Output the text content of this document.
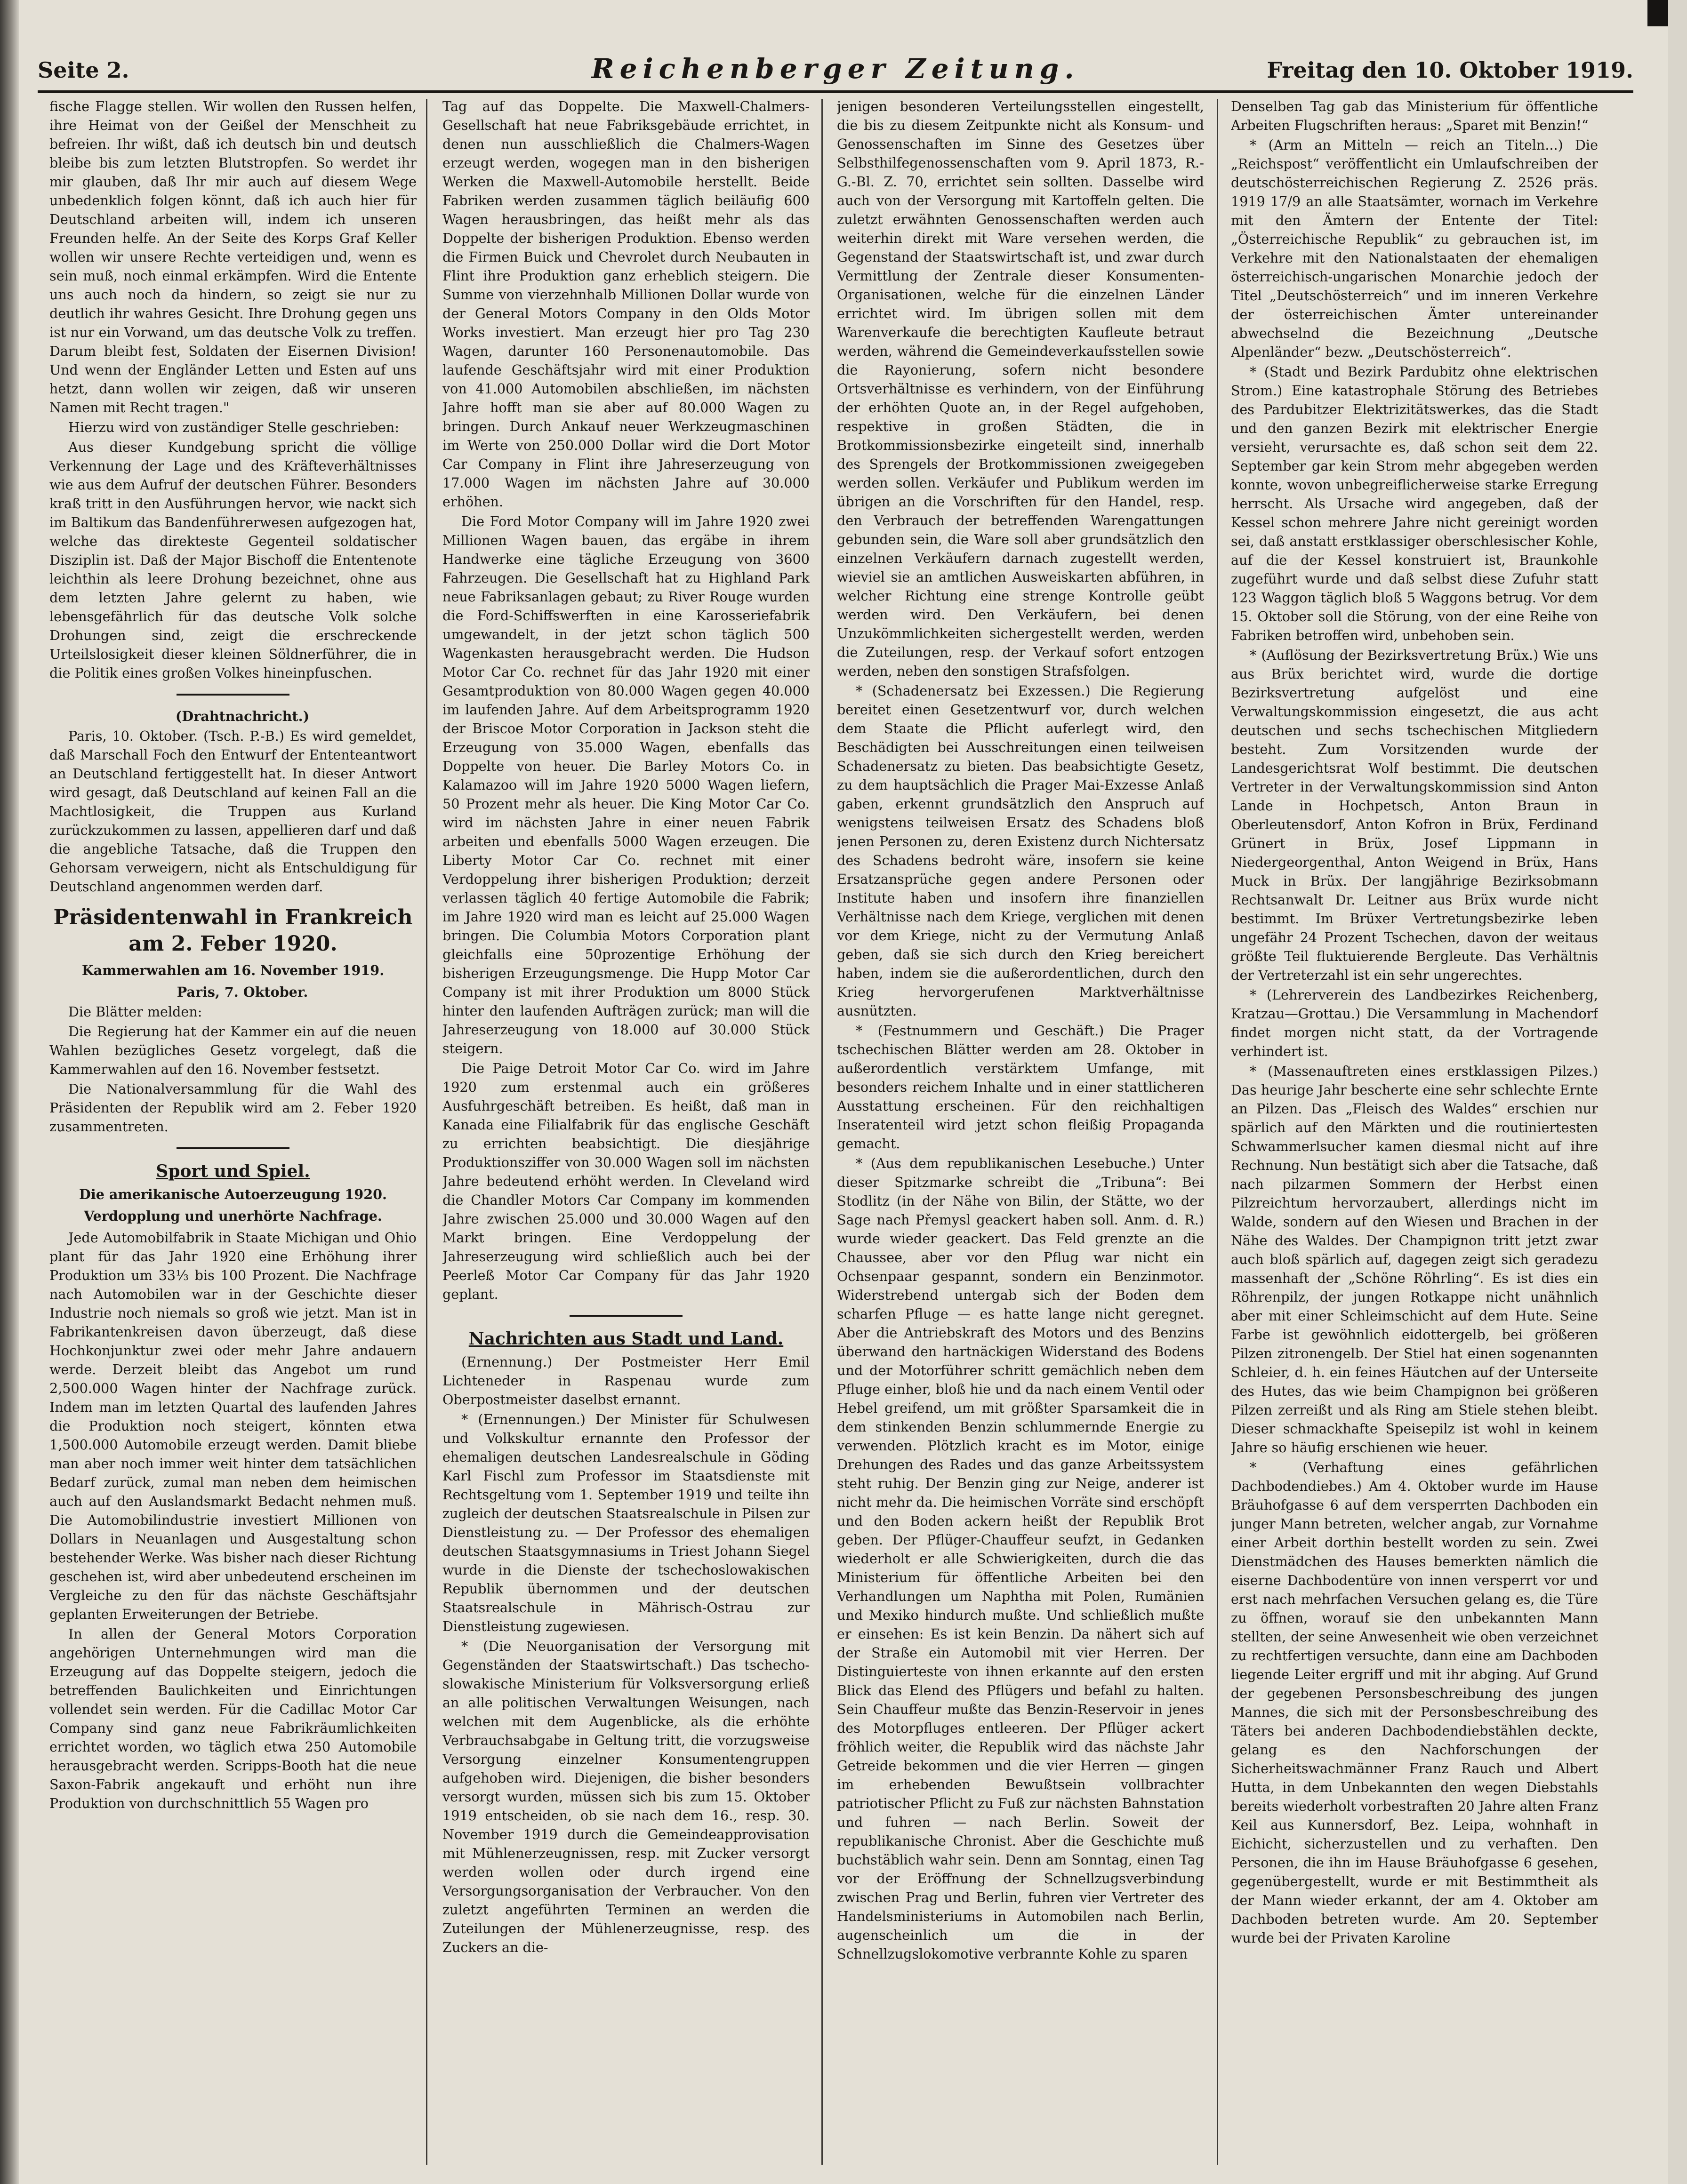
Seite 2.	Reichenberger Zeitung.	Freitag den 10. Oktober 1919.

fische Flagge stellen. Wir wollen den Russen helfen, ihre Heimat von der Geißel der Menschheit zu befreien. Ihr wißt, daß ich deutsch bin und deutsch bleibe bis zum letzten Blutstropfen. So werdet ihr mir glauben, daß Ihr mir auch auf diesem Wege unbedenklich folgen könnt, daß ich auch hier für Deutschland arbeiten will, indem ich unseren Freunden helfe. An der Seite des Korps Graf Keller wollen wir unsere Rechte verteidigen und, wenn es sein muß, noch einmal erkämpfen. Wird die Entente uns auch noch da hindern, so zeigt sie nur zu deutlich ihr wahres Gesicht. Ihre Drohung gegen uns ist nur ein Vorwand, um das deutsche Volk zu treffen. Darum bleibt fest, Soldaten der Eisernen Division! Und wenn der Engländer Letten und Esten auf uns hetzt, dann wollen wir zeigen, daß wir unseren Namen mit Recht tragen."

Hierzu wird von zuständiger Stelle geschrieben:

Aus dieser Kundgebung spricht die völlige Verkennung der Lage und des Kräfteverhältnisses wie aus dem Aufruf der deutschen Führer. Besonders kraß tritt in den Ausführungen hervor, wie nackt sich im Baltikum das Bandenführerwesen aufgezogen hat, welche das direkteste Gegenteil soldatischer Disziplin ist. Daß der Major Bischoff die Ententenote leichthin als leere Drohung bezeichnet, ohne aus dem letzten Jahre gelernt zu haben, wie lebensgefährlich für das deutsche Volk solche Drohungen sind, zeigt die erschreckende Urteilslosigkeit dieser kleinen Söldnerführer, die in die Politik eines großen Volkes hineinpfuschen.

(Drahtnachricht.)

Paris, 10. Oktober. (Tsch. P.-B.) Es wird gemeldet, daß Marschall Foch den Entwurf der Ententeantwort an Deutschland fertiggestellt hat. In dieser Antwort wird gesagt, daß Deutschland auf keinen Fall an die Machtlosigkeit, die Truppen aus Kurland zurückzukommen zu lassen, appellieren darf und daß die angebliche Tatsache, daß die Truppen den Gehorsam verweigern, nicht als Entschuldigung für Deutschland angenommen werden darf.

Präsidentenwahl in Frankreich am 2. Feber 1920.
Kammerwahlen am 16. November 1919.

Paris, 7. Oktober.

Die Blätter melden:

Die Regierung hat der Kammer ein auf die neuen Wahlen bezügliches Gesetz vorgelegt, daß die Kammerwahlen auf den 16. November festsetzt.

Die Nationalversammlung für die Wahl des Präsidenten der Republik wird am 2. Feber 1920 zusammentreten.

Sport und Spiel.
Die amerikanische Autoerzeugung 1920.
Verdopplung und unerhörte Nachfrage.

Jede Automobilfabrik in Staate Michigan und Ohio plant für das Jahr 1920 eine Erhöhung ihrer Produktion um 33⅓ bis 100 Prozent. Die Nachfrage nach Automobilen war in der Geschichte dieser Industrie noch niemals so groß wie jetzt. Man ist in Fabrikantenkreisen davon überzeugt, daß diese Hochkonjunktur zwei oder mehr Jahre andauern werde. Derzeit bleibt das Angebot um rund 2,500.000 Wagen hinter der Nachfrage zurück. Indem man im letzten Quartal des laufenden Jahres die Produktion noch steigert, könnten etwa 1,500.000 Automobile erzeugt werden. Damit bliebe man aber noch immer weit hinter dem tatsächlichen Bedarf zurück, zumal man neben dem heimischen auch auf den Auslandsmarkt Bedacht nehmen muß. Die Automobilindustrie investiert Millionen von Dollars in Neuanlagen und Ausgestaltung schon bestehender Werke. Was bisher nach dieser Richtung geschehen ist, wird aber unbedeutend erscheinen im Vergleiche zu den für das nächste Geschäftsjahr geplanten Erweiterungen der Betriebe.

In allen der General Motors Corporation angehörigen Unternehmungen wird man die Erzeugung auf das Doppelte steigern, jedoch die betreffenden Baulichkeiten und Einrichtungen vollendet sein werden. Für die Cadillac Motor Car Company sind ganz neue Fabrikräumlichkeiten errichtet worden, wo täglich etwa 250 Automobile herausgebracht werden. Scripps-Booth hat die neue Saxon-Fabrik angekauft und erhöht nun ihre Produktion von durchschnittlich 55 Wagen pro

Tag auf das Doppelte. Die Maxwell-Chalmers-Gesellschaft hat neue Fabriksgebäude errichtet, in denen nun ausschließlich die Chalmers-Wagen erzeugt werden, wogegen man in den bisherigen Werken die Maxwell-Automobile herstellt. Beide Fabriken werden zusammen täglich beiläufig 600 Wagen herausbringen, das heißt mehr als das Doppelte der bisherigen Produktion. Ebenso werden die Firmen Buick und Chevrolet durch Neubauten in Flint ihre Produktion ganz erheblich steigern. Die Summe von vierzehnhalb Millionen Dollar wurde von der General Motors Company in den Olds Motor Works investiert. Man erzeugt hier pro Tag 230 Wagen, darunter 160 Personenautomobile. Das laufende Geschäftsjahr wird mit einer Produktion von 41.000 Automobilen abschließen, im nächsten Jahre hofft man sie aber auf 80.000 Wagen zu bringen. Durch Ankauf neuer Werkzeugmaschinen im Werte von 250.000 Dollar wird die Dort Motor Car Company in Flint ihre Jahreserzeugung von 17.000 Wagen im nächsten Jahre auf 30.000 erhöhen.

Die Ford Motor Company will im Jahre 1920 zwei Millionen Wagen bauen, das ergäbe in ihrem Handwerke eine tägliche Erzeugung von 3600 Fahrzeugen. Die Gesellschaft hat zu Highland Park neue Fabriksanlagen gebaut; zu River Rouge wurden die Ford-Schiffswerften in eine Karosseriefabrik umgewandelt, in der jetzt schon täglich 500 Wagenkasten herausgebracht werden. Die Hudson Motor Car Co. rechnet für das Jahr 1920 mit einer Gesamtproduktion von 80.000 Wagen gegen 40.000 im laufenden Jahre. Auf dem Arbeitsprogramm 1920 der Briscoe Motor Corporation in Jackson steht die Erzeugung von 35.000 Wagen, ebenfalls das Doppelte von heuer. Die Barley Motors Co. in Kalamazoo will im Jahre 1920 5000 Wagen liefern, 50 Prozent mehr als heuer. Die King Motor Car Co. wird im nächsten Jahre in einer neuen Fabrik arbeiten und ebenfalls 5000 Wagen erzeugen. Die Liberty Motor Car Co. rechnet mit einer Verdoppelung ihrer bisherigen Produktion; derzeit verlassen täglich 40 fertige Automobile die Fabrik; im Jahre 1920 wird man es leicht auf 25.000 Wagen bringen. Die Columbia Motors Corporation plant gleichfalls eine 50prozentige Erhöhung der bisherigen Erzeugungsmenge. Die Hupp Motor Car Company ist mit ihrer Produktion um 8000 Stück hinter den laufenden Aufträgen zurück; man will die Jahreserzeugung von 18.000 auf 30.000 Stück steigern.

Die Paige Detroit Motor Car Co. wird im Jahre 1920 zum erstenmal auch ein größeres Ausfuhrgeschäft betreiben. Es heißt, daß man in Kanada eine Filialfabrik für das englische Geschäft zu errichten beabsichtigt. Die diesjährige Produktionsziffer von 30.000 Wagen soll im nächsten Jahre bedeutend erhöht werden. In Cleveland wird die Chandler Motors Car Company im kommenden Jahre zwischen 25.000 und 30.000 Wagen auf den Markt bringen. Eine Verdoppelung der Jahreserzeugung wird schließlich auch bei der Peerleß Motor Car Company für das Jahr 1920 geplant.

Nachrichten aus Stadt und Land.

(Ernennung.) Der Postmeister Herr Emil Lichteneder in Raspenau wurde zum Oberpostmeister daselbst ernannt.

* (Ernennungen.) Der Minister für Schulwesen und Volkskultur ernannte den Professor der ehemaligen deutschen Landesrealschule in Göding Karl Fischl zum Professor im Staatsdienste mit Rechtsgeltung vom 1. September 1919 und teilte ihn zugleich der deutschen Staatsrealschule in Pilsen zur Dienstleistung zu. — Der Professor des ehemaligen deutschen Staatsgymnasiums in Triest Johann Siegel wurde in die Dienste der tschechoslowakischen Republik übernommen und der deutschen Staatsrealschule in Mährisch-Ostrau zur Dienstleistung zugewiesen.

* (Die Neuorganisation der Versorgung mit Gegenständen der Staatswirtschaft.) Das tschecho-slowakische Ministerium für Volksversorgung erließ an alle politischen Verwaltungen Weisungen, nach welchen mit dem Augenblicke, als die erhöhte Verbrauchsabgabe in Geltung tritt, die vorzugsweise Versorgung einzelner Konsumentengruppen aufgehoben wird. Diejenigen, die bisher besonders versorgt wurden, müssen sich bis zum 15. Oktober 1919 entscheiden, ob sie nach dem 16., resp. 30. November 1919 durch die Gemeindeapprovisation mit Mühlenerzeugnissen, resp. mit Zucker versorgt werden wollen oder durch irgend eine Versorgungsorganisation der Verbraucher. Von den zuletzt angeführten Terminen an werden die Zuteilungen der Mühlenerzeugnisse, resp. des Zuckers an die-

jenigen besonderen Verteilungsstellen eingestellt, die bis zu diesem Zeitpunkte nicht als Konsum- und Genossenschaften im Sinne des Gesetzes über Selbsthilfegenossenschaften vom 9. April 1873, R.-G.-Bl. Z. 70, errichtet sein sollten. Dasselbe wird auch von der Versorgung mit Kartoffeln gelten. Die zuletzt erwähnten Genossenschaften werden auch weiterhin direkt mit Ware versehen werden, die Gegenstand der Staatswirtschaft ist, und zwar durch Vermittlung der Zentrale dieser Konsumenten-Organisationen, welche für die einzelnen Länder errichtet wird. Im übrigen sollen mit dem Warenverkaufe die berechtigten Kaufleute betraut werden, während die Gemeindeverkaufsstellen sowie die Rayonierung, sofern nicht besondere Ortsverhältnisse es verhindern, von der Einführung der erhöhten Quote an, in der Regel aufgehoben, respektive in großen Städten, die in Brotkommissionsbezirke eingeteilt sind, innerhalb des Sprengels der Brotkommissionen zweigegeben werden sollen. Verkäufer und Publikum werden im übrigen an die Vorschriften für den Handel, resp. den Verbrauch der betreffenden Warengattungen gebunden sein, die Ware soll aber grundsätzlich den einzelnen Verkäufern darnach zugestellt werden, wieviel sie an amtlichen Ausweiskarten abführen, in welcher Richtung eine strenge Kontrolle geübt werden wird. Den Verkäufern, bei denen Unzukömmlichkeiten sichergestellt werden, werden die Zuteilungen, resp. der Verkauf sofort entzogen werden, neben den sonstigen Strafsfolgen.

* (Schadenersatz bei Exzessen.) Die Regierung bereitet einen Gesetzentwurf vor, durch welchen dem Staate die Pflicht auferlegt wird, den Beschädigten bei Ausschreitungen einen teilweisen Schadenersatz zu bieten. Das beabsichtigte Gesetz, zu dem hauptsächlich die Prager Mai-Exzesse Anlaß gaben, erkennt grundsätzlich den Anspruch auf wenigstens teilweisen Ersatz des Schadens bloß jenen Personen zu, deren Existenz durch Nichtersatz des Schadens bedroht wäre, insofern sie keine Ersatzansprüche gegen andere Personen oder Institute haben und insofern ihre finanziellen Verhältnisse nach dem Kriege, verglichen mit denen vor dem Kriege, nicht zu der Vermutung Anlaß geben, daß sie sich durch den Krieg bereichert haben, indem sie die außerordentlichen, durch den Krieg hervorgerufenen Marktverhältnisse ausnützten.

* (Festnummern und Geschäft.) Die Prager tschechischen Blätter werden am 28. Oktober in außerordentlich verstärktem Umfange, mit besonders reichem Inhalte und in einer stattlicheren Ausstattung erscheinen. Für den reichhaltigen Inseratenteil wird jetzt schon fleißig Propaganda gemacht.

* (Aus dem republikanischen Lesebuche.) Unter dieser Spitzmarke schreibt die „Tribuna“: Bei Stodlitz (in der Nähe von Bilin, der Stätte, wo der Sage nach Přemysl geackert haben soll. Anm. d. R.) wurde wieder geackert. Das Feld grenzte an die Chaussee, aber vor den Pflug war nicht ein Ochsenpaar gespannt, sondern ein Benzinmotor. Widerstrebend untergab sich der Boden dem scharfen Pfluge — es hatte lange nicht geregnet. Aber die Antriebskraft des Motors und des Benzins überwand den hartnäckigen Widerstand des Bodens und der Motorführer schritt gemächlich neben dem Pfluge einher, bloß hie und da nach einem Ventil oder Hebel greifend, um mit größter Sparsamkeit die in dem stinkenden Benzin schlummernde Energie zu verwenden. Plötzlich kracht es im Motor, einige Drehungen des Rades und das ganze Arbeitssystem steht ruhig. Der Benzin ging zur Neige, anderer ist nicht mehr da. Die heimischen Vorräte sind erschöpft und den Boden ackern heißt der Republik Brot geben. Der Pflüger-Chauffeur seufzt, in Gedanken wiederholt er alle Schwierigkeiten, durch die das Ministerium für öffentliche Arbeiten bei den Verhandlungen um Naphtha mit Polen, Rumänien und Mexiko hindurch mußte. Und schließlich mußte er einsehen: Es ist kein Benzin. Da nähert sich auf der Straße ein Automobil mit vier Herren. Der Distinguierteste von ihnen erkannte auf den ersten Blick das Elend des Pflügers und befahl zu halten. Sein Chauffeur mußte das Benzin-Reservoir in jenes des Motorpfluges entleeren. Der Pflüger ackert fröhlich weiter, die Republik wird das nächste Jahr Getreide bekommen und die vier Herren — gingen im erhebenden Bewußtsein vollbrachter patriotischer Pflicht zu Fuß zur nächsten Bahnstation und fuhren — nach Berlin. Soweit der republikanische Chronist. Aber die Geschichte muß buchstäblich wahr sein. Denn am Sonntag, einen Tag vor der Eröffnung der Schnellzugsverbindung zwischen Prag und Berlin, fuhren vier Vertreter des Handelsministeriums in Automobilen nach Berlin, augenscheinlich um die in der Schnellzugslokomotive verbrannte Kohle zu sparen

Denselben Tag gab das Ministerium für öffentliche Arbeiten Flugschriften heraus: „Sparet mit Benzin!“

* (Arm an Mitteln — reich an Titeln...) Die „Reichspost“ veröffentlicht ein Umlaufschreiben der deutschösterreichischen Regierung Z. 2526 präs. 1919 17/9 an alle Staatsämter, wornach im Verkehre mit den Ämtern der Entente der Titel: „Österreichische Republik“ zu gebrauchen ist, im Verkehre mit den Nationalstaaten der ehemaligen österreichisch-ungarischen Monarchie jedoch der Titel „Deutschösterreich“ und im inneren Verkehre der österreichischen Ämter untereinander abwechselnd die Bezeichnung „Deutsche Alpenländer“ bezw. „Deutschösterreich“.

* (Stadt und Bezirk Pardubitz ohne elektrischen Strom.) Eine katastrophale Störung des Betriebes des Pardubitzer Elektrizitätswerkes, das die Stadt und den ganzen Bezirk mit elektrischer Energie versieht, verursachte es, daß schon seit dem 22. September gar kein Strom mehr abgegeben werden konnte, wovon unbegreiflicherweise starke Erregung herrscht. Als Ursache wird angegeben, daß der Kessel schon mehrere Jahre nicht gereinigt worden sei, daß anstatt erstklassiger oberschlesischer Kohle, auf die der Kessel konstruiert ist, Braunkohle zugeführt wurde und daß selbst diese Zufuhr statt 123 Waggon täglich bloß 5 Waggons betrug. Vor dem 15. Oktober soll die Störung, von der eine Reihe von Fabriken betroffen wird, unbehoben sein.

* (Auflösung der Bezirksvertretung Brüx.) Wie uns aus Brüx berichtet wird, wurde die dortige Bezirksvertretung aufgelöst und eine Verwaltungskommission eingesetzt, die aus acht deutschen und sechs tschechischen Mitgliedern besteht. Zum Vorsitzenden wurde der Landesgerichtsrat Wolf bestimmt. Die deutschen Vertreter in der Verwaltungskommission sind Anton Lande in Hochpetsch, Anton Braun in Oberleutensdorf, Anton Kofron in Brüx, Ferdinand Grünert in Brüx, Josef Lippmann in Niedergeorgenthal, Anton Weigend in Brüx, Hans Muck in Brüx. Der langjährige Bezirksobmann Rechtsanwalt Dr. Leitner aus Brüx wurde nicht bestimmt. Im Brüxer Vertretungsbezirke leben ungefähr 24 Prozent Tschechen, davon der weitaus größte Teil fluktuierende Bergleute. Das Verhältnis der Vertreterzahl ist ein sehr ungerechtes.

* (Lehrerverein des Landbezirkes Reichenberg, Kratzau—Grottau.) Die Versammlung in Machendorf findet morgen nicht statt, da der Vortragende verhindert ist.

* (Massenauftreten eines erstklassigen Pilzes.) Das heurige Jahr bescherte eine sehr schlechte Ernte an Pilzen. Das „Fleisch des Waldes“ erschien nur spärlich auf den Märkten und die routiniertesten Schwammerlsucher kamen diesmal nicht auf ihre Rechnung. Nun bestätigt sich aber die Tatsache, daß nach pilzarmen Sommern der Herbst einen Pilzreichtum hervorzaubert, allerdings nicht im Walde, sondern auf den Wiesen und Brachen in der Nähe des Waldes. Der Champignon tritt jetzt zwar auch bloß spärlich auf, dagegen zeigt sich geradezu massenhaft der „Schöne Röhrling“. Es ist dies ein Röhrenpilz, der jungen Rotkappe nicht unähnlich aber mit einer Schleimschicht auf dem Hute. Seine Farbe ist gewöhnlich eidottergelb, bei größeren Pilzen zitronengelb. Der Stiel hat einen sogenannten Schleier, d. h. ein feines Häutchen auf der Unterseite des Hutes, das wie beim Champignon bei größeren Pilzen zerreißt und als Ring am Stiele stehen bleibt. Dieser schmackhafte Speisepilz ist wohl in keinem Jahre so häufig erschienen wie heuer.

* (Verhaftung eines gefährlichen Dachbodendiebes.) Am 4. Oktober wurde im Hause Bräuhofgasse 6 auf dem versperrten Dachboden ein junger Mann betreten, welcher angab, zur Vornahme einer Arbeit dorthin bestellt worden zu sein. Zwei Dienstmädchen des Hauses bemerkten nämlich die eiserne Dachbodentüre von innen versperrt vor und erst nach mehrfachen Versuchen gelang es, die Türe zu öffnen, worauf sie den unbekannten Mann stellten, der seine Anwesenheit wie oben verzeichnet zu rechtfertigen versuchte, dann eine am Dachboden liegende Leiter ergriff und mit ihr abging. Auf Grund der gegebenen Personsbeschreibung des jungen Mannes, die sich mit der Personsbeschreibung des Täters bei anderen Dachbodendiebstählen deckte, gelang es den Nachforschungen der Sicherheitswachmänner Franz Rauch und Albert Hutta, in dem Unbekannten den wegen Diebstahls bereits wiederholt vorbestraften 20 Jahre alten Franz Keil aus Kunnersdorf, Bez. Leipa, wohnhaft in Eichicht, sicherzustellen und zu verhaften. Den Personen, die ihn im Hause Bräuhofgasse 6 gesehen, gegenübergestellt, wurde er mit Bestimmtheit als der Mann wieder erkannt, der am 4. Oktober am Dachboden betreten wurde. Am 20. September wurde bei der Privaten Karoline
